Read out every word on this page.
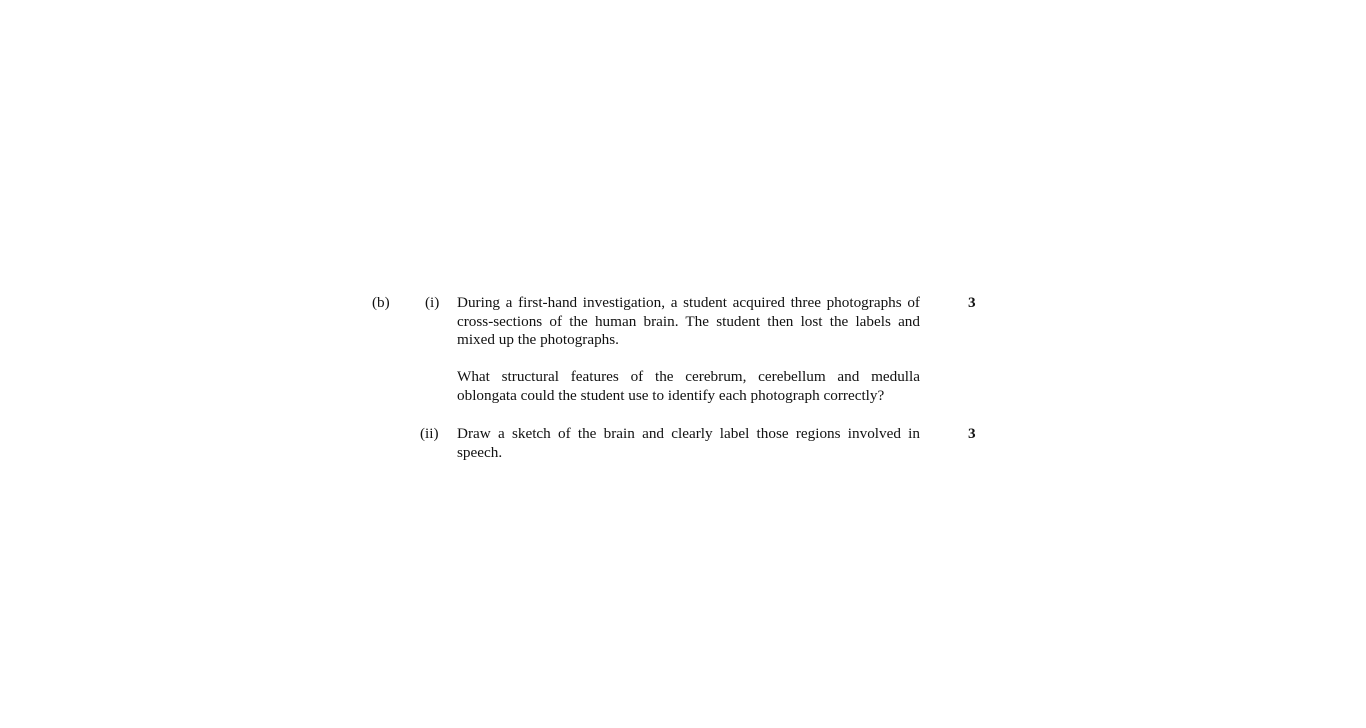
(b) (i) During a first-hand investigation, a student acquired three photographs of cross-sections of the human brain. The student then lost the labels and mixed up the photographs.
What structural features of the cerebrum, cerebellum and medulla oblongata could the student use to identify each photograph correctly?
3
(ii) Draw a sketch of the brain and clearly label those regions involved in speech.
3
